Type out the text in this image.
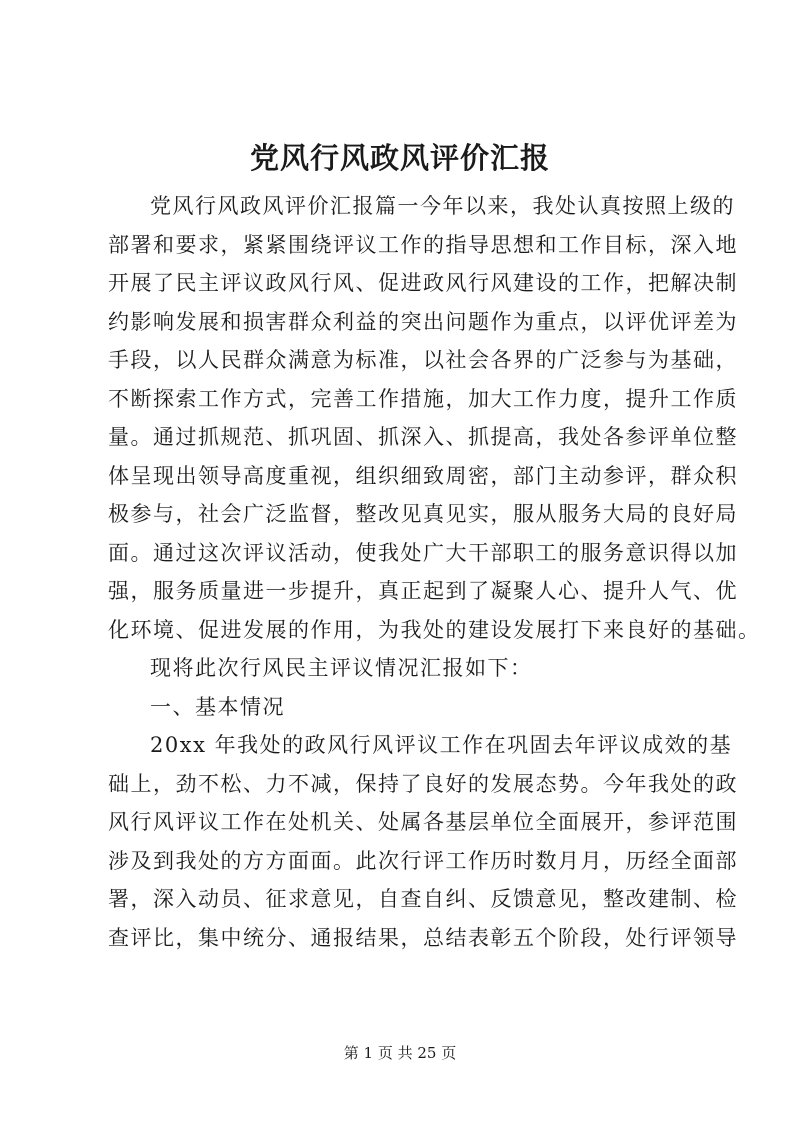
党风行风政风评价汇报
党风行风政风评价汇报篇一今年以来，我处认真按照上级的
部署和要求，紧紧围绕评议工作的指导思想和工作目标，深入地
开展了民主评议政风行风、促进政风行风建设的工作，把解决制
约影响发展和损害群众利益的突出问题作为重点，以评优评差为
手段，以人民群众满意为标准，以社会各界的广泛参与为基础，
不断探索工作方式，完善工作措施，加大工作力度，提升工作质
量。通过抓规范、抓巩固、抓深入、抓提高，我处各参评单位整
体呈现出领导高度重视，组织细致周密，部门主动参评，群众积
极参与，社会广泛监督，整改见真见实，服从服务大局的良好局
面。通过这次评议活动，使我处广大干部职工的服务意识得以加
强，服务质量进一步提升，真正起到了凝聚人心、提升人气、优
化环境、促进发展的作用，为我处的建设发展打下来良好的基础。
现将此次行风民主评议情况汇报如下：
一、基本情况
20xx 年我处的政风行风评议工作在巩固去年评议成效的基
础上，劲不松、力不减，保持了良好的发展态势。今年我处的政
风行风评议工作在处机关、处属各基层单位全面展开，参评范围
涉及到我处的方方面面。此次行评工作历时数月月，历经全面部
署，深入动员、征求意见，自查自纠、反馈意见，整改建制、检
查评比，集中统分、通报结果，总结表彰五个阶段，处行评领导
第 1 页 共 25 页
